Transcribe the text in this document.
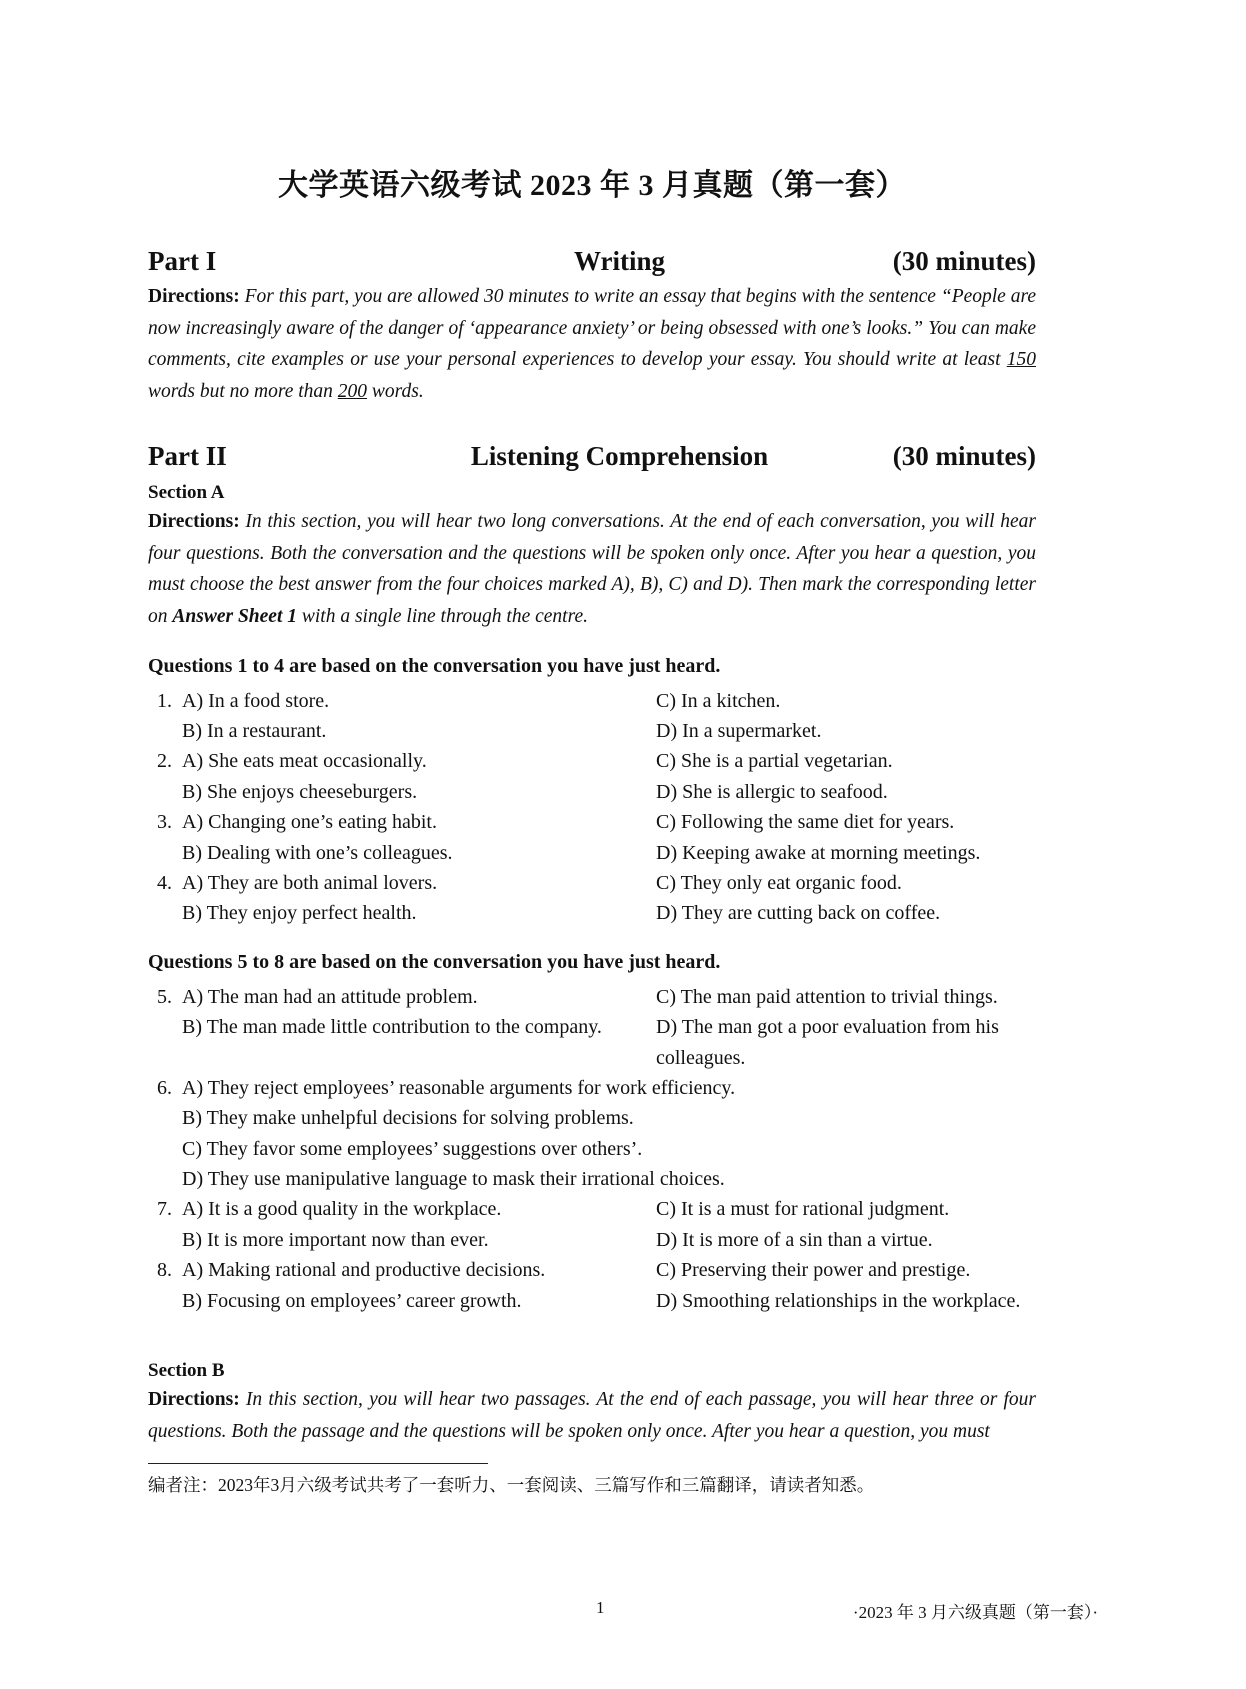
大学英语六级考试 2023 年 3 月真题（第一套）
Part I	Writing	(30 minutes)

Directions: For this part, you are allowed 30 minutes to write an essay that begins with the sentence “People are now increasingly aware of the danger of ‘appearance anxiety’ or being obsessed with one’s looks.” You can make comments, cite examples or use your personal experiences to develop your essay. You should write at least 150 words but no more than 200 words.

Part II	Listening Comprehension	(30 minutes)
Section A

Directions: In this section, you will hear two long conversations. At the end of each conversation, you will hear four questions. Both the conversation and the questions will be spoken only once. After you hear a question, you must choose the best answer from the four choices marked A), B), C) and D). Then mark the corresponding letter on Answer Sheet 1 with a single line through the centre.

Questions 1 to 4 are based on the conversation you have just heard.
1. A) In a food store.	C) In a kitchen.
B) In a restaurant.	D) In a supermarket.
2. A) She eats meat occasionally.	C) She is a partial vegetarian.
B) She enjoys cheeseburgers.	D) She is allergic to seafood.
3. A) Changing one’s eating habit.	C) Following the same diet for years.
B) Dealing with one’s colleagues.	D) Keeping awake at morning meetings.
4. A) They are both animal lovers.	C) They only eat organic food.
B) They enjoy perfect health.	D) They are cutting back on coffee.
Questions 5 to 8 are based on the conversation you have just heard.
5. A) The man had an attitude problem.	C) The man paid attention to trivial things.
B) The man made little contribution to the company.	D) The man got a poor evaluation from his colleagues.
6. A) They reject employees’ reasonable arguments for work efficiency.
B) They make unhelpful decisions for solving problems.
C) They favor some employees’ suggestions over others’.
D) They use manipulative language to mask their irrational choices.
7. A) It is a good quality in the workplace.	C) It is a must for rational judgment.
B) It is more important now than ever.	D) It is more of a sin than a virtue.
8. A) Making rational and productive decisions.	C) Preserving their power and prestige.
B) Focusing on employees’ career growth.	D) Smoothing relationships in the workplace.
Section B

Directions: In this section, you will hear two passages. At the end of each passage, you will hear three or four questions. Both the passage and the questions will be spoken only once. After you hear a question, you must

编者注：2023年3月六级考试共考了一套听力、一套阅读、三篇写作和三篇翻译，请读者知悉。
1	·2023 年 3 月六级真题（第一套）·
